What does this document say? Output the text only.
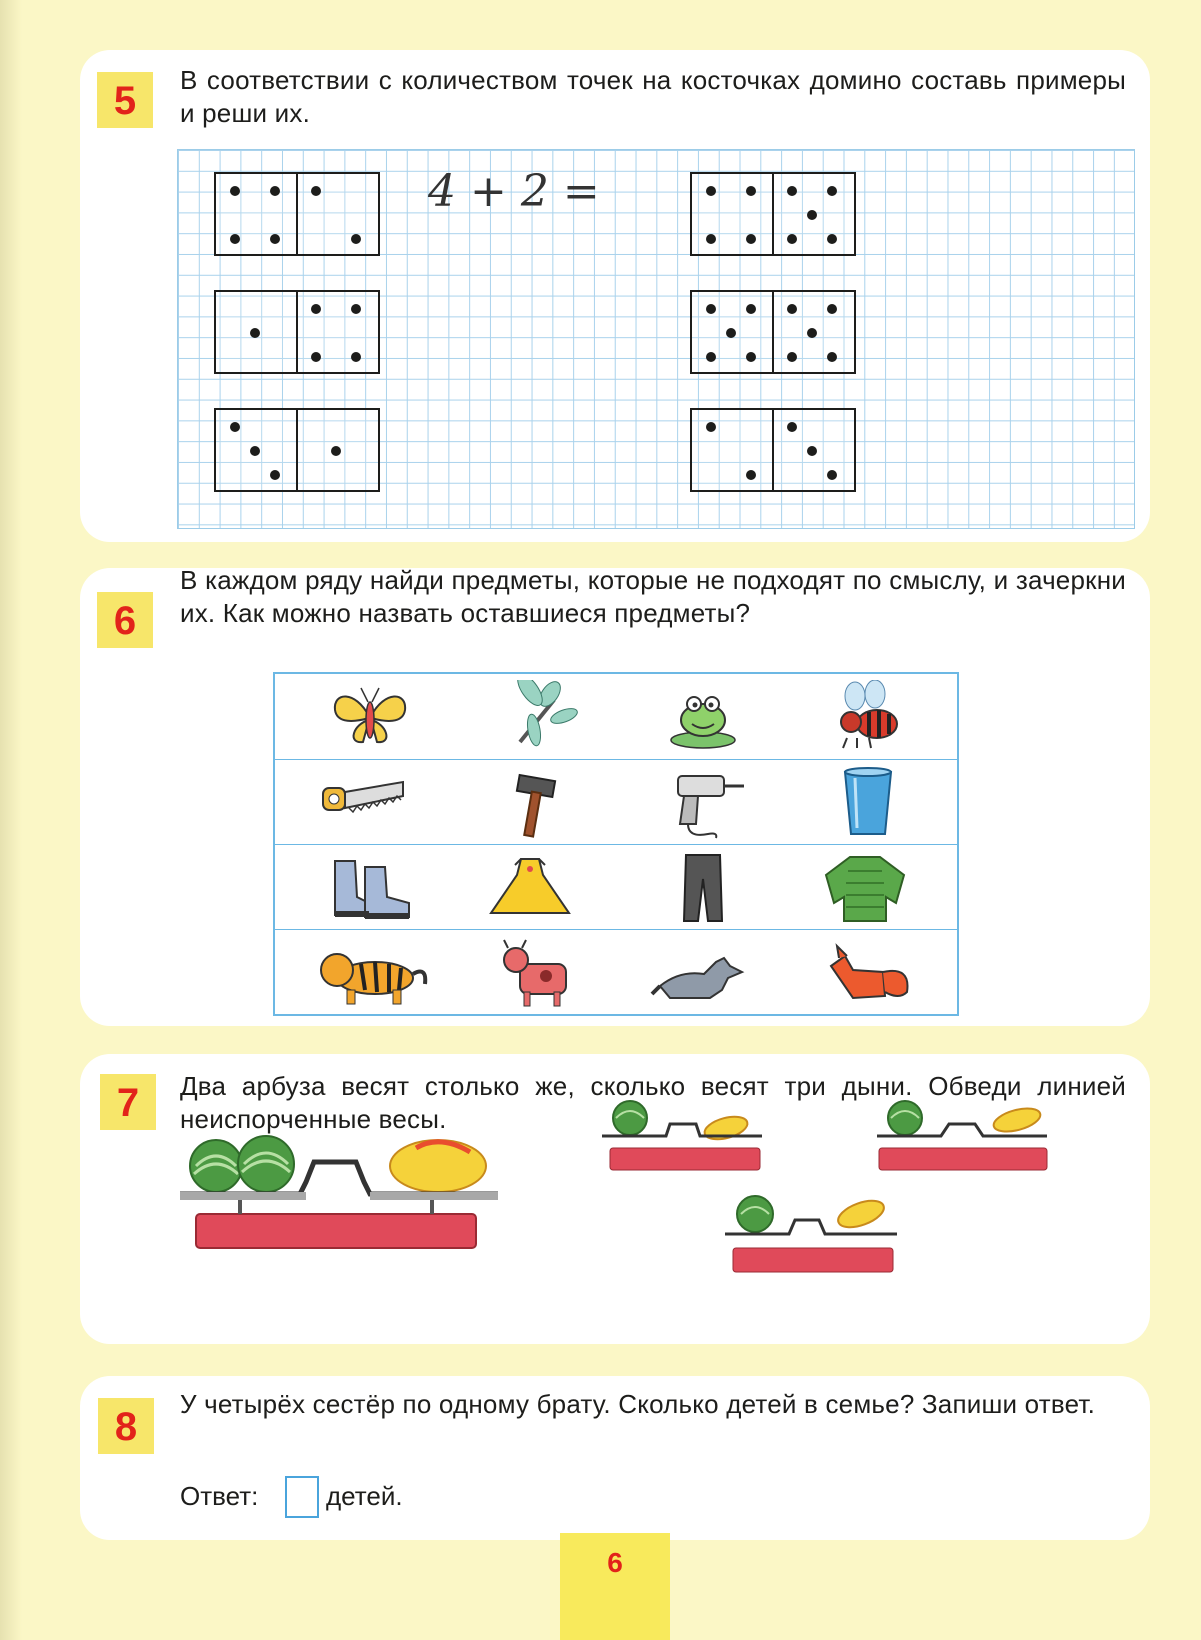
5	В соответствии с количеством точек на косточках домино составь примеры и реши их.
4 + 2 =
6
В каждом ряду найди предметы, которые не подходят по смыслу, и зачеркни их. Как можно назвать оставшиеся предметы?
7	Два арбуза весят столько же, сколько весят три дыни. Обведи линией неиспорченные весы.
8
У четырёх сестёр по одному брату. Сколько детей в семье? Запиши ответ.
Ответ:	детей.
6
